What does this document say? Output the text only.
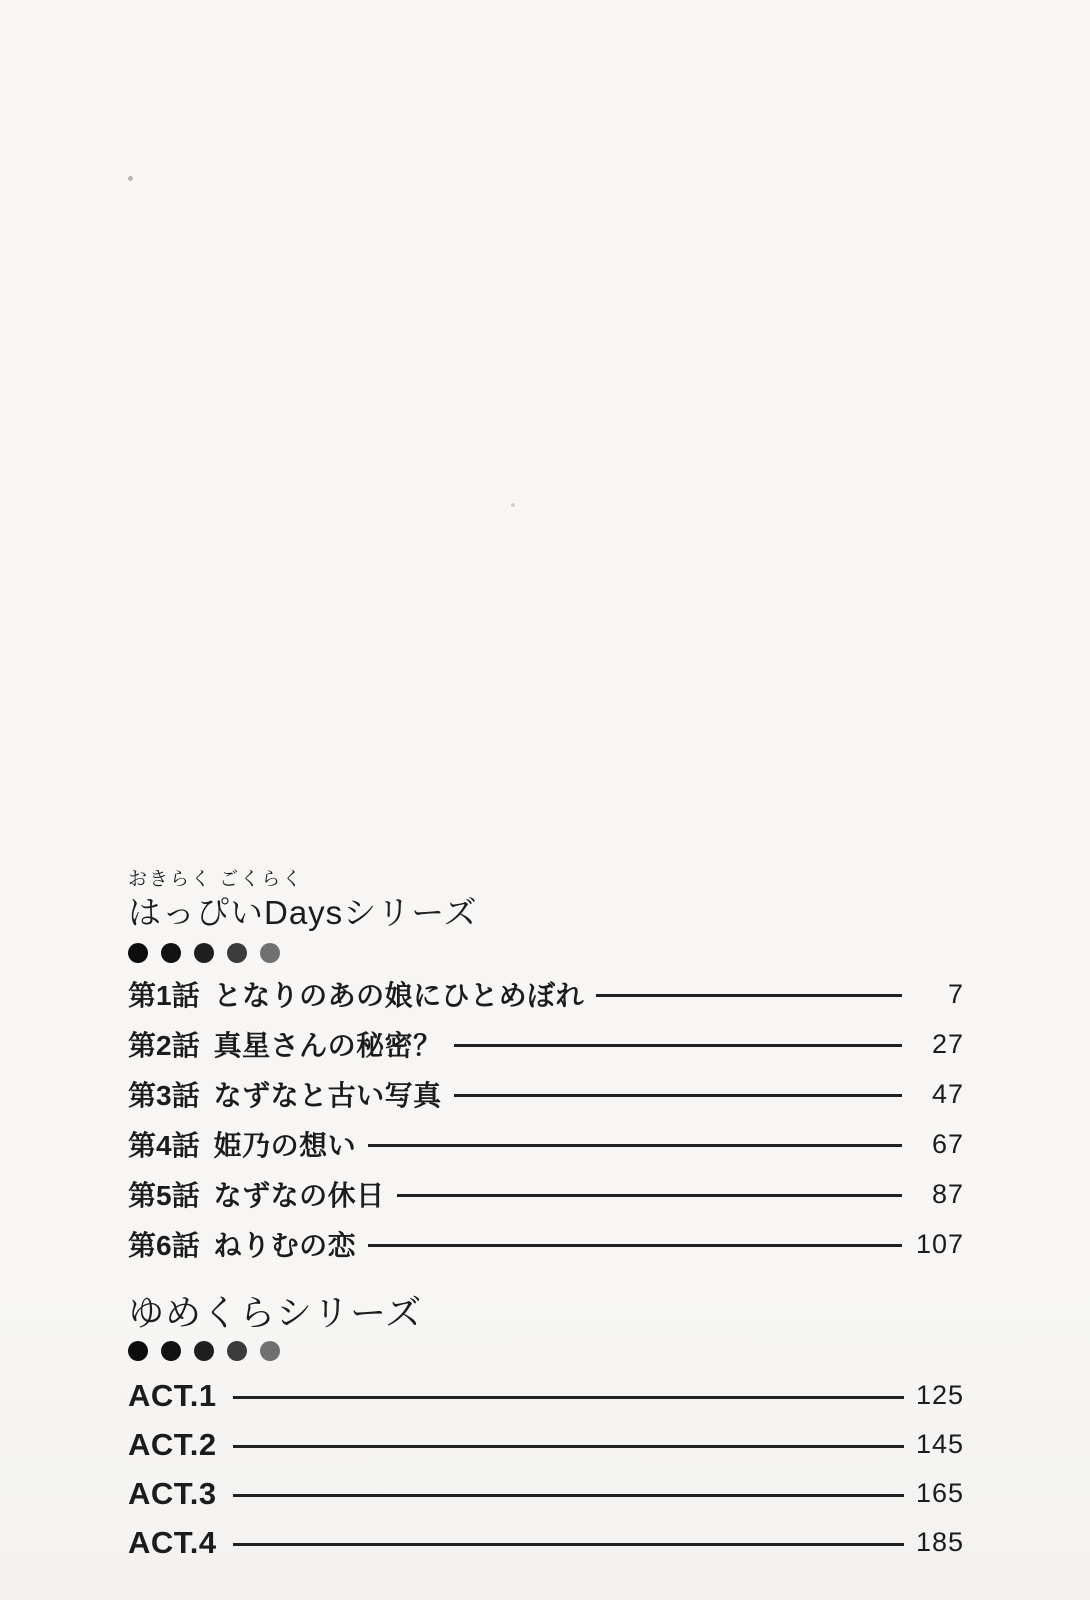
おきらく ごくらく
はっぴいDaysシリーズ
第1話 となりのあの娘にひとめぼれ	7
第2話 真星さんの秘密？	27
第3話 なずなと古い写真	47
第4話 姫乃の想い	67
第5話 なずなの休日	87
第6話 ねりむの恋	107
ゆめくらシリーズ
ACT.1	125
ACT.2	145
ACT.3	165
ACT.4	185
